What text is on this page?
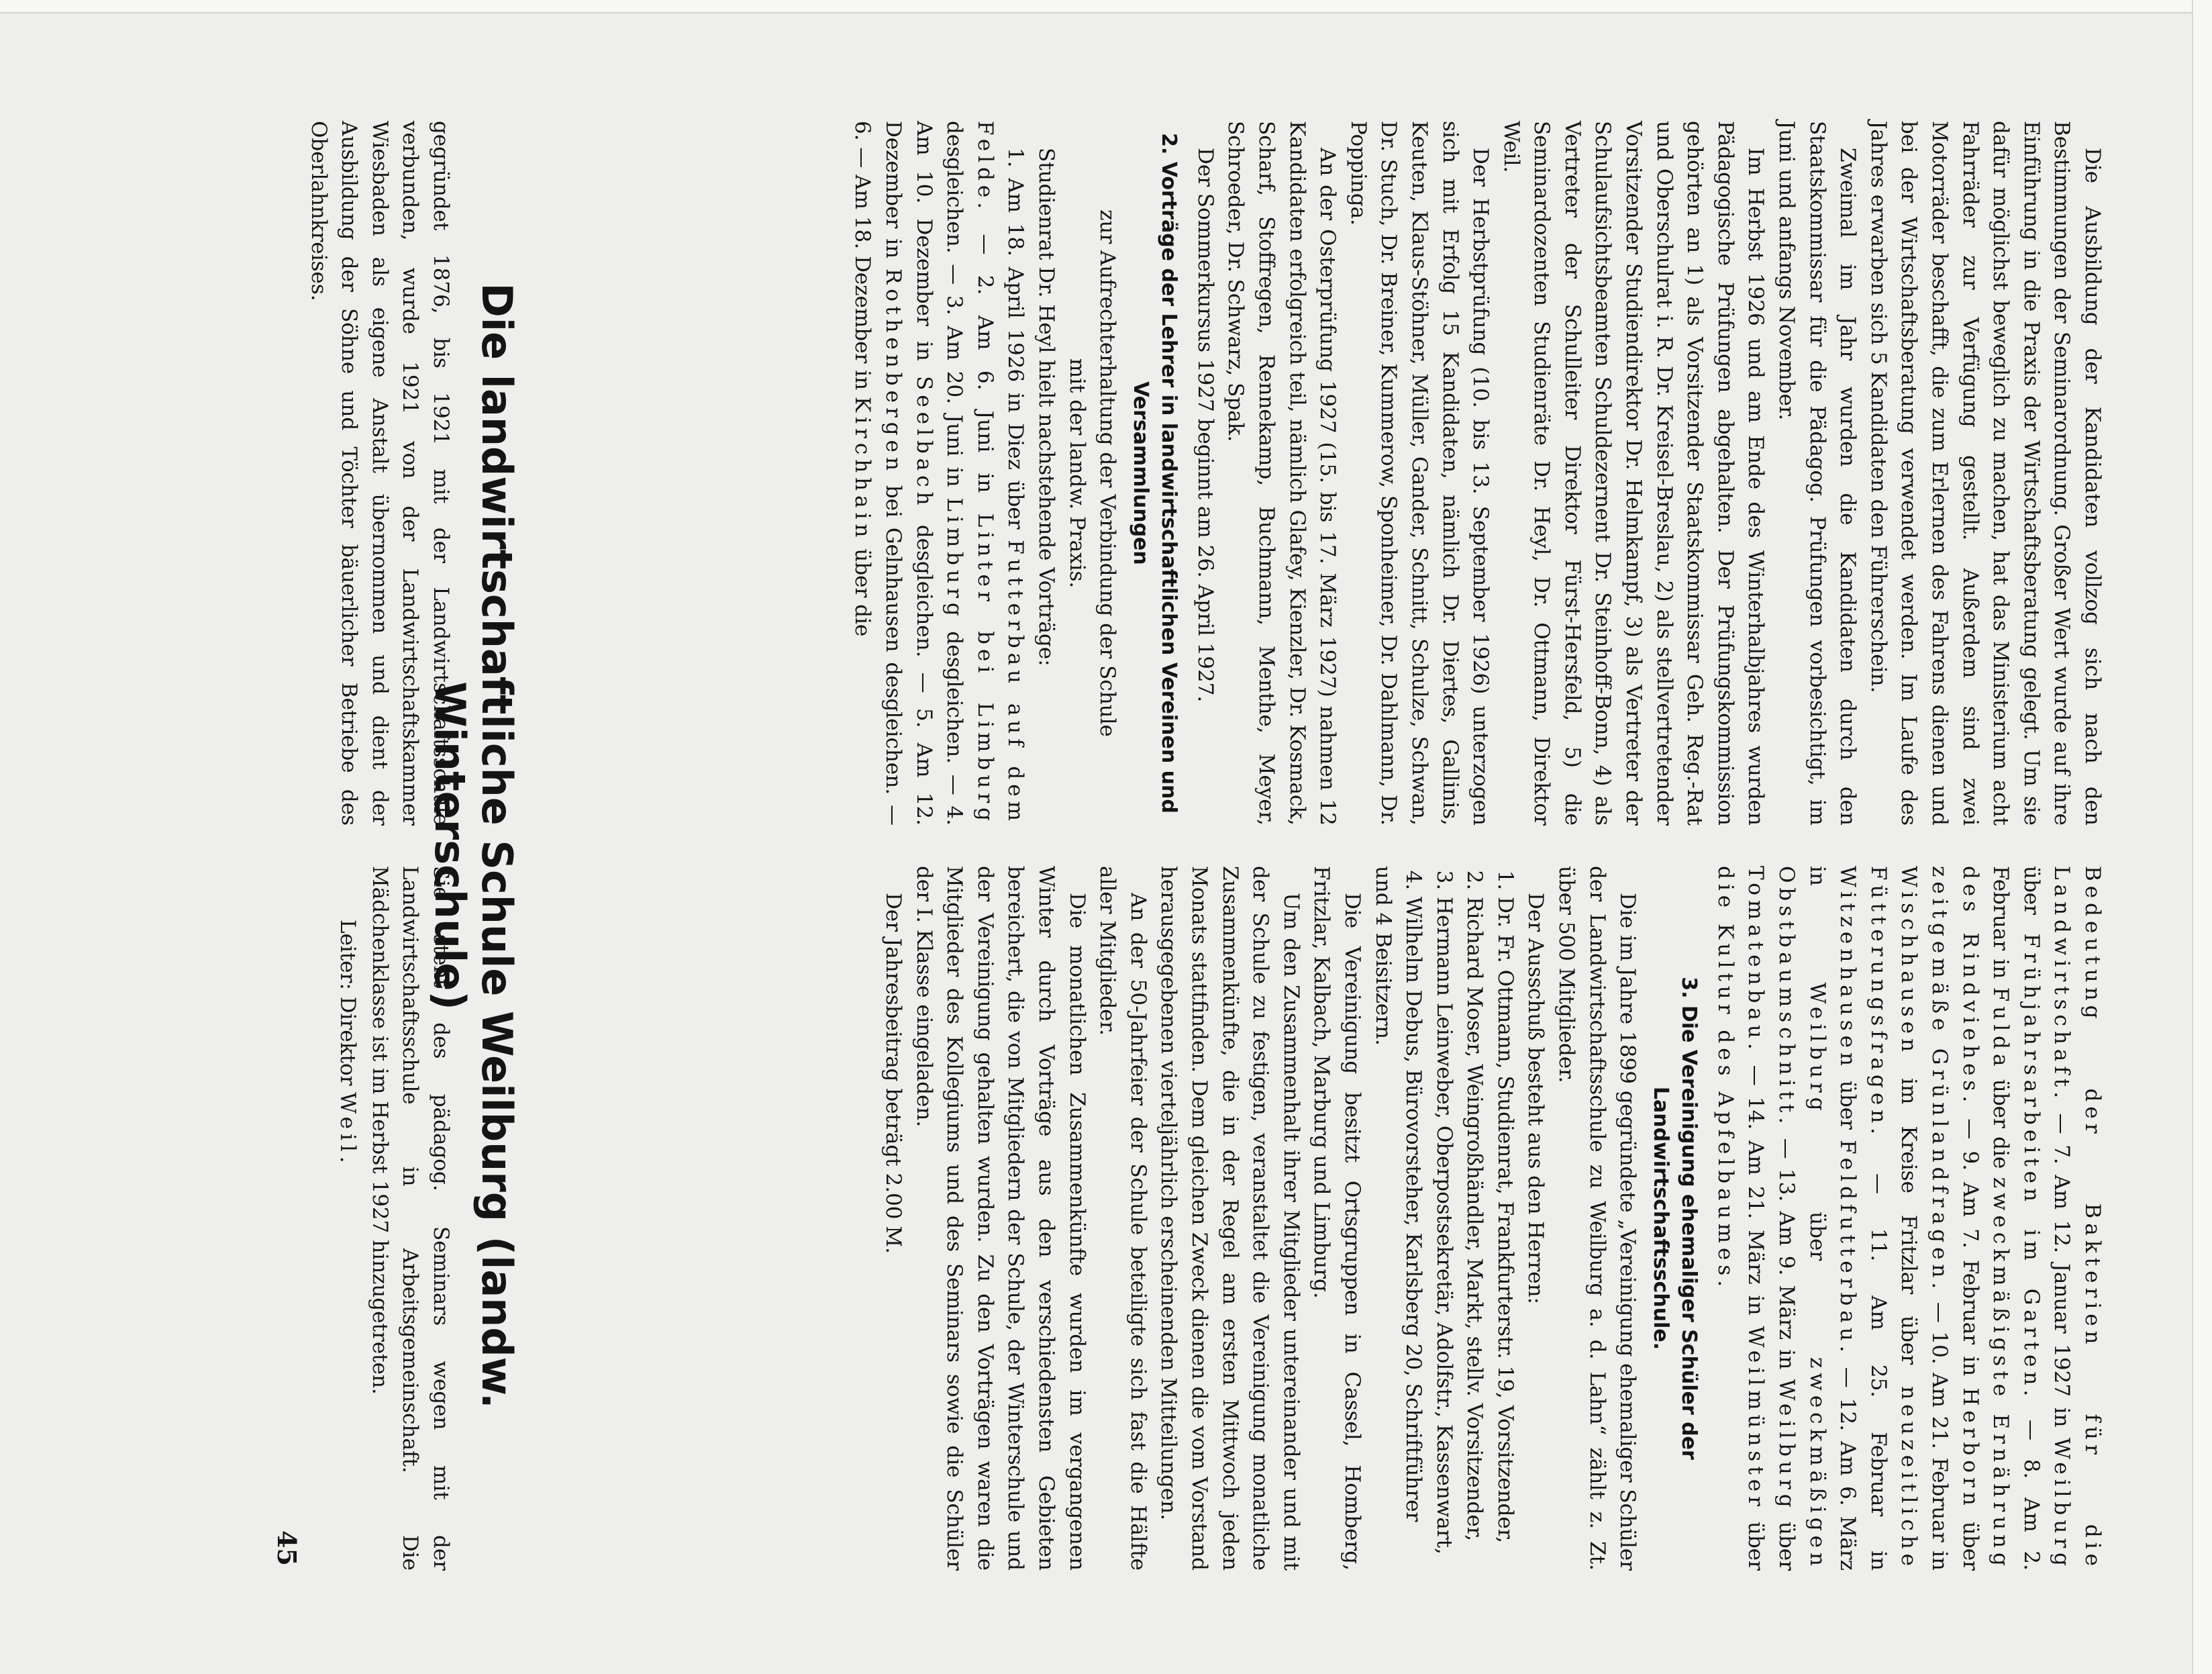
Die Ausbildung der Kandidaten vollzog sich nach den Bestimmungen der Seminarordnung. Großer Wert wurde auf ihre Einführung in die Praxis der Wirtschaftsberatung gelegt. Um sie dafür möglichst beweglich zu machen, hat das Ministerium acht Fahrräder zur Verfügung gestellt. Außerdem sind zwei Motorräder beschafft, die zum Erlernen des Fahrens dienen und bei der Wirtschaftsberatung verwendet werden. Im Laufe des Jahres erwarben sich 5 Kandidaten den Führerschein.

Zweimal im Jahr wurden die Kandidaten durch den Staatskommissar für die Pädagog. Prüfungen vorbesichtigt, im Juni und anfangs November.

Im Herbst 1926 und am Ende des Winterhalbjahres wurden Pädagogische Prüfungen abgehalten. Der Prüfungskommission gehörten an 1) als Vorsitzender Staatskommissar Geh. Reg.-Rat und Oberschulrat i. R. Dr. Kreisel-Breslau, 2) als stellvertretender Vorsitzender Studiendirektor Dr. Helmkampf, 3) als Vertreter der Schulaufsichtsbeamten Schuldezernent Dr. Steinhoff-Bonn, 4) als Vertreter der Schulleiter Direktor Fürst-Hersfeld, 5) die Seminardozenten Studienräte Dr. Heyl, Dr. Ottmann, Direktor Weil.

Der Herbstprüfung (10. bis 13. September 1926) unterzogen sich mit Erfolg 15 Kandidaten, nämlich Dr. Diertes, Gallinis, Keuten, Klaus-Stöhner, Müller, Gander, Schnitt, Schulze, Schwan, Dr. Stuch, Dr. Breiner, Kummerow, Sponheimer, Dr. Dahlmann, Dr. Poppinga.

An der Osterprüfung 1927 (15. bis 17. März 1927) nahmen 12 Kandidaten erfolgreich teil, nämlich Glafey, Kienzler, Dr. Kosmack, Scharf, Stoffregen, Rennekamp, Buchmann, Menthe, Meyer, Schroeder, Dr. Schwarz, Spak.

Der Sommerkursus 1927 beginnt am 26. April 1927.

2. Vorträge der Lehrer in landwirtschaftlichen Vereinen und Versammlungen

zur Aufrechterhaltung der Verbindung der Schule

mit der landw. Praxis.

Studienrat Dr. Heyl hielt nachstehende Vorträge:

1. Am 18. April 1926 in Diez über Futterbau auf dem Felde. — 2. Am 6. Juni in Linter bei Limburg desgleichen. — 3. Am 20. Juni in Limburg desgleichen. — 4. Am 10. Dezember in Seelbach desgleichen. — 5. Am 12. Dezember in Rothenbergen bei Gelnhausen desgleichen. — 6. — Am 18. Dezember in Kirchhain über die

Bedeutung der Bakterien für die Landwirtschaft. — 7. Am 12. Januar 1927 in Weilburg über Frühjahrsarbeiten im Garten. — 8. Am 2. Februar in Fulda über die zweckmäßigste Ernährung des Rindviehes. — 9. Am 7. Februar in Herborn über zeitgemäße Grünlandfragen. — 10. Am 21. Februar in Wischhausen im Kreise Fritzlar über neuzeitliche Fütterungsfragen. — 11. Am 25. Februar in Witzenhausen über Feldfutterbau. — 12. Am 6. März in Weilburg über zweckmäßigen Obstbaumschnitt. — 13. Am 9. März in Weilburg über Tomatenbau. — 14. Am 21. März in Weilmünster über die Kultur des Apfelbaumes.

3. Die Vereinigung ehemaliger Schüler der Landwirtschaftsschule.

Die im Jahre 1899 gegründete „Vereinigung ehemaliger Schüler der Landwirtschaftsschule zu Weilburg a. d. Lahn“ zählt z. Zt. über 500 Mitglieder.

Der Ausschuß besteht aus den Herren:

1. Dr. Fr. Ottmann, Studienrat, Frankfurterstr. 19, Vorsitzender,
2. Richard Moser, Weingroßhändler, Markt, stellv. Vorsitzender,
3. Hermann Leinweber, Oberpostsekretär, Adolfstr., Kassenwart,
4. Wilhelm Debus, Bürovorsteher, Karlsberg 20, Schriftführer

und 4 Beisitzern.

Die Vereinigung besitzt Ortsgruppen in Cassel, Homberg, Fritzlar, Kalbach, Marburg und Limburg.

Um den Zusammenhalt ihrer Mitglieder untereinander und mit der Schule zu festigen, veranstaltet die Vereinigung monatliche Zusammenkünfte, die in der Regel am ersten Mittwoch jeden Monats stattfinden. Dem gleichen Zweck dienen die vom Vorstand herausgegebenen vierteljährlich erscheinenden Mitteilungen.

An der 50-Jahrfeier der Schule beteiligte sich fast die Hälfte aller Mitglieder.

Die monatlichen Zusammenkünfte wurden im vergangenen Winter durch Vorträge aus den verschiedensten Gebieten bereichert, die von Mitgliedern der Schule, der Winterschule und der Vereinigung gehalten wurden. Zu den Vorträgen waren die Mitglieder des Kollegiums und des Seminars sowie die Schüler der I. Klasse eingeladen.

Der Jahresbeitrag beträgt 2.00 M.

Die landwirtschaftliche Schule Weilburg (landw. Winterschule)
gegründet 1876, bis 1921 mit der Landwirtschaftsschule verbunden, wurde 1921 von der Landwirtschaftskammer Wiesbaden als eigene Anstalt übernommen und dient der Ausbildung der Söhne und Töchter bäuerlicher Betriebe des Oberlahnkreises.
Sie steht des pädagog. Seminars wegen mit der Landwirtschaftsschule in Arbeitsgemeinschaft. Die Mädchenklasse ist im Herbst 1927 hinzugetreten.
Leiter: Direktor Weil.
45
